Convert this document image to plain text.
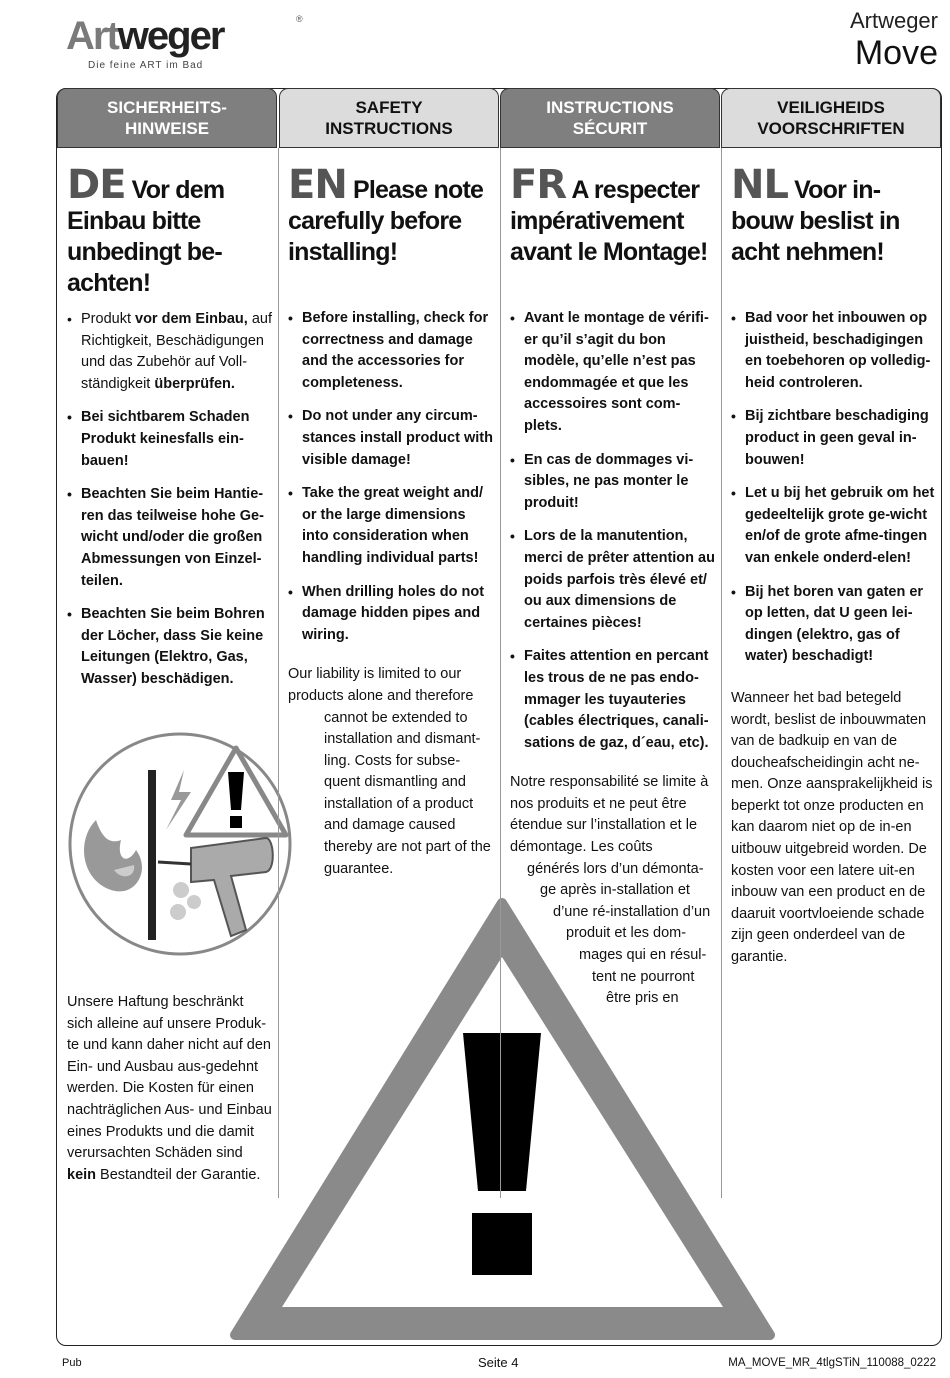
Artweger	®
Die feine ART im Bad
Artweger
Move
SICHERHEITS-
HINWEISE
SAFETY
INSTRUCTIONS
INSTRUCTIONS
SÉCURIT
VEILIGHEIDS
VOORSCHRIFTEN
DE Vor dem Einbau bitte unbedingt be-achten!
• Produkt vor dem Einbau, auf Richtigkeit, Beschädigungen und das Zubehör auf Voll-ständigkeit überprüfen.
• Bei sichtbarem Schaden Produkt keinesfalls ein-bauen!
• Beachten Sie beim Hantie-ren das teilweise hohe Ge-wicht und/oder die großen Abmessungen von Einzel-teilen.
• Beachten Sie beim Bohren der Löcher, dass Sie keine Leitungen (Elektro, Gas, Wasser) beschädigen.

Unsere Haftung beschränkt sich alleine auf unsere Produk-te und kann daher nicht auf den Ein- und Ausbau aus-gedehnt werden. Die Kosten für einen nachträglichen Aus- und Einbau eines Produkts und die damit verursachten Schäden sind kein Bestandteil der Garantie.

EN Please note carefully before installing!
• Before installing, check for correctness and damage and the accessories for completeness.
• Do not under any circum-stances install product with visible damage!
• Take the great weight and/ or the large dimensions into consideration when handling individual parts!
• When drilling holes do not damage hidden pipes and wiring.

Our liability is limited to our products alone and therefore

cannot be extended to installation and dismant-ling. Costs for subse-quent dismantling and installation of a product and damage caused thereby are not part of the guarantee.

FR A respecter impérativement avant le Montage!
• Avant le montage de vérifi-er qu’il s’agit du bon modèle, qu’elle n’est pas endommagée et que les accessoires sont com-plets.
• En cas de dommages vi-sibles, ne pas monter le produit!
• Lors de la manutention, merci de prêter attention au poids parfois très élevé et/ ou aux dimensions de certaines pièces!
• Faites attention en percant les trous de ne pas endo-mmager les tuyauteries (cables électriques, canali-sations de gaz, d´eau, etc).

Notre responsabilité se limite à nos produits et ne peut être étendue sur l’installation et le démontage. Les coûts

générés lors d’un démonta-

ge après in-stallation et

d’une ré-installation d’un

produit et les dom-

mages qui en résul-

tent ne pourront

être pris en

NL Voor in-bouw beslist in acht nehmen!
• Bad voor het inbouwen op juistheid, beschadigingen en toebehoren op volledig-heid controleren.
• Bij zichtbare beschadiging product in geen geval in-bouwen!
• Let u bij het gebruik om het gedeeltelijk grote ge-wicht en/of de grote afme-tingen van enkele onderd-elen!
• Bij het boren van gaten er op letten, dat U geen lei-dingen (elektro, gas of water) beschadigt!

Wanneer het bad betegeld wordt, beslist de inbouwmaten van de badkuip en van de doucheafscheidingin acht ne-men. Onze aansprakelijkheid is beperkt tot onze producten en kan daarom niet op de in-en uitbouw uitgebreid worden. De kosten voor een latere uit-en inbouw van een product en de daaruit voortvloeiende schade zijn geen onderdeel van de garantie.

Pub	Seite 4	MA_MOVE_MR_4tlgSTiN_110088_0222
